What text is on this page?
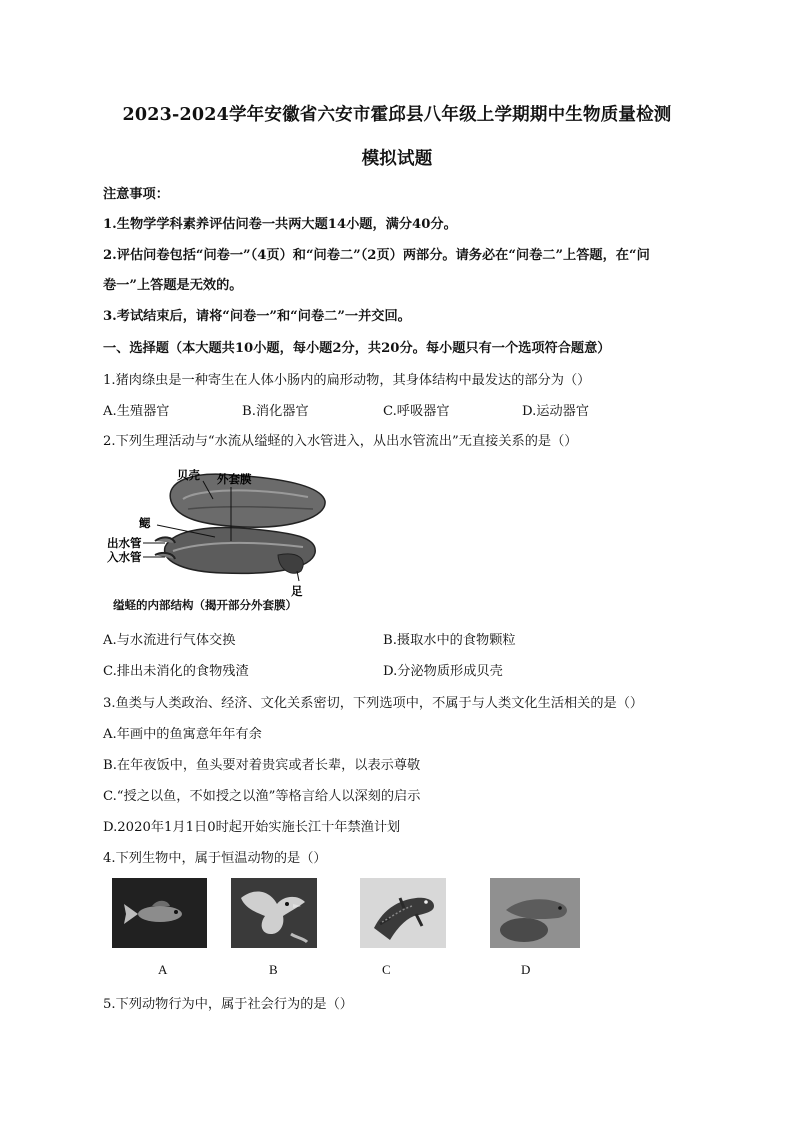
2023-2024学年安徽省六安市霍邱县八年级上学期期中生物质量检测
模拟试题
注意事项：
1.生物学学科素养评估问卷一共两大题14小题，满分40分。
2.评估问卷包括“问卷一”（4页）和“问卷二”（2页）两部分。请务必在“问卷二”上答题，在“问
卷一”上答题是无效的。
3.考试结束后，请将“问卷一”和“问卷二”一并交回。
一、选择题（本大题共10小题，每小题2分，共20分。每小题只有一个选项符合题意）
1.猪肉绦虫是一种寄生在人体小肠内的扁形动物，其身体结构中最发达的部分为（）
A.生殖器官	B.消化器官	C.呼吸器官	D.运动器官
2.下列生理活动与“水流从缢蛏的入水管进入，从出水管流出”无直接关系的是（）
贝壳 外套膜
鳃
出水管
入水管
足
缢蛏的内部结构（揭开部分外套膜）
A.与水流进行气体交换	B.摄取水中的食物颗粒
C.排出未消化的食物残渣	D.分泌物质形成贝壳
3.鱼类与人类政治、经济、文化关系密切，下列选项中，不属于与人类文化生活相关的是（）
A.年画中的鱼寓意年年有余
B.在年夜饭中，鱼头要对着贵宾或者长辈，以表示尊敬
C.“授之以鱼，不如授之以渔”等格言给人以深刻的启示
D.2020年1月1日0时起开始实施长江十年禁渔计划
4.下列生物中，属于恒温动物的是（）
A	B	C	D
5.下列动物行为中，属于社会行为的是（）
